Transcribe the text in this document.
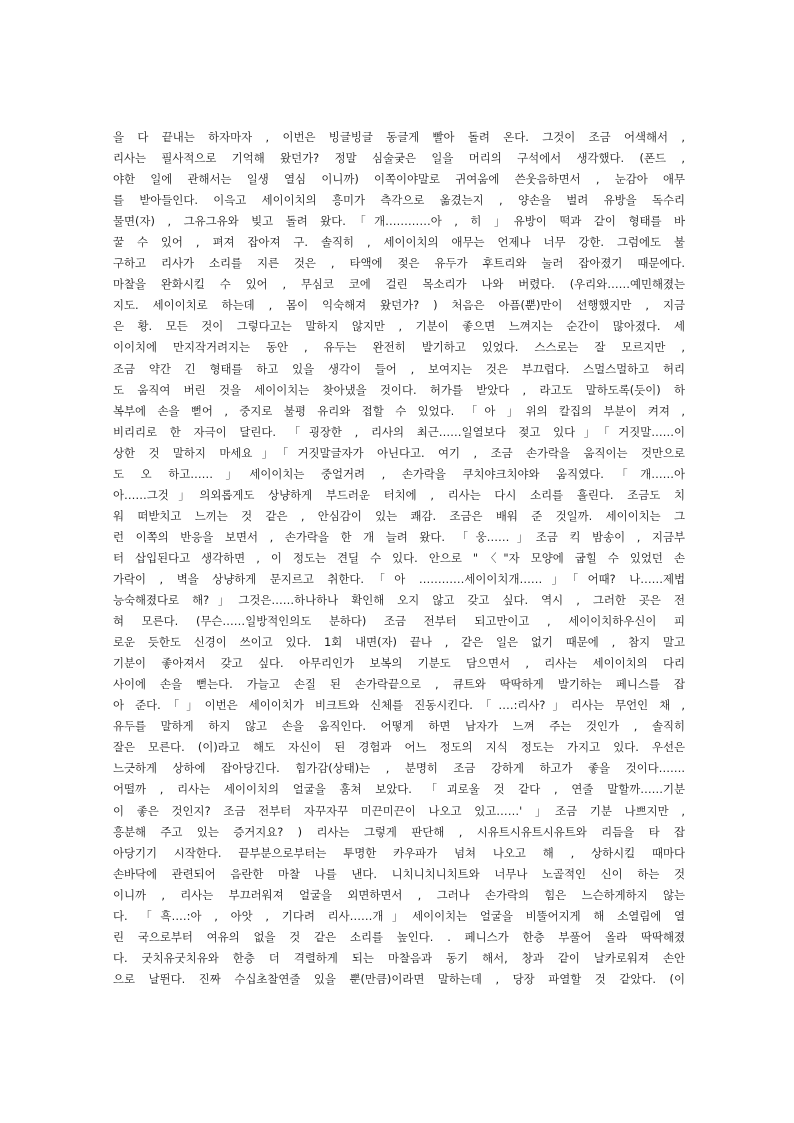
을 다 끝내는 하자마자 , 이번은 빙글빙글 동글게 빨아 돌려 온다. 그것이 조금 어색해서 ,
리사는 필사적으로 기억해 왔던가? 정말 심술궂은 일을 머리의 구석에서 생각했다. (폰드 ,
야한 일에 관해서는 일생 열심 이니까) 이쪽이야말로 귀여움에 쓴웃음하면서 , 눈감아 애무
를 받아들인다. 이윽고 세이이치의 흥미가 측각으로 옮겼는지 , 양손을 벌려 유방을 독수리
물면(자) , 그유그유와 빚고 돌려 왔다.「개…………아 , 히 」유방이 떡과 같이 형태를 바
꿀 수 있어 , 펴져 잡아져 구. 솔직히 , 세이이치의 애무는 언제나 너무 강한. 그럼에도 불
구하고 리사가 소리를 지른 것은 , 타액에 젖은 유두가 후트리와 눌러 잡아졌기 때문에다.
마찰을 완화시킬 수 있어 , 무심코 코에 걸린 목소리가 나와 버렸다. (우리와……예민해졌는
지도. 세이이치로 하는데 , 몸이 익숙해져 왔던가? ) 처음은 아픔(뿐)만이 선행했지만 , 지금
은 황. 모든 것이 그렇다고는 말하지 않지만 , 기분이 좋으면 느껴지는 순간이 많아졌다. 세
이이치에 만지작거려지는 동안 , 유두는 완전히 발기하고 있었다. 스스로는 잘 모르지만 ,
조금 약간 긴 형태를 하고 있을 생각이 들어 , 보여지는 것은 부끄럽다. 스멀스멀하고 허리
도 움직여 버린 것을 세이이치는 찾아냈을 것이다. 허가를 받았다 , 라고도 말하도록(듯이) 하
복부에 손을 뻗어 , 중지로 불평 유리와 접할 수 있었다. 「아 」위의 칼집의 부분이 켜져 ,
비리리로 한 자극이 달린다. 「굉장한 , 리사의 최근……일열보다 젖고 있다」「거짓말……이
상한 것 말하지 마세요」「거짓말글자가 아닌다고. 여기 , 조금 손가락을 움직이는 것만으로
도 오 하고……」세이이치는 중얼거려 , 손가락을 쿠치야크치야와 움직였다.「개……아
아……그것」의외롭게도 상냥하게 부드러운 터치에 , 리사는 다시 소리를 흘린다. 조금도 치
워 떠받치고 느끼는 것 같은 , 안심감이 있는 쾌감. 조금은 배워 준 것일까. 세이이치는 그
런 이쪽의 반응을 보면서 , 손가락을 한 개 늘려 왔다. 「웅……」조금 킥 밤송이 , 지금부
터 삽입된다고 생각하면 , 이 정도는 견딜 수 있다. 안으로 "〈"자 모양에 굽힐 수 있었던 손
가락이 , 벽을 상냥하게 문지르고 취한다.「아 …………세이이치개……」「어때? 나……제법
능숙해졌다로 해?」그것은……하나하나 확인해 오지 않고 갖고 싶다. 역시 , 그러한 곳은 전
혀 모른다. (무슨……일방적인의도 분하다) 조금 전부터 되고만이고 , 세이이치하우신이 피
로운 듯한도 신경이 쓰이고 있다. 1회 내면(자) 끝나 , 같은 일은 없기 때문에 , 참지 말고
기분이 좋아져서 갖고 싶다. 아무리인가 보복의 기분도 담으면서 , 리사는 세이이치의 다리
사이에 손을 뻗는다. 가늘고 손질 된 손가락끝으로 , 큐트와 딱딱하게 발기하는 페니스를 잡
아 준다.「」이번은 세이이치가 비크트와 신체를 진동시킨다.「‥‥:리사?」리사는 무언인 채 ,
유두를 말하게 하지 않고 손을 움직인다. 어떻게 하면 남자가 느껴 주는 것인가 , 솔직히
잘은 모른다. (이)라고 해도 자신이 된 경험과 어느 정도의 지식 정도는 가지고 있다. 우선은
느긋하게 상하에 잡아당긴다. 힘가감(상태)는 , 분명히 조금 강하게 하고가 좋을 것이다…….
어떨까 , 리사는 세이이치의 얼굴을 훔쳐 보았다. 「괴로울 것 같다 , 연줄 말할까……기분
이 좋은 것인지? 조금 전부터 자꾸자꾸 미끈미끈이 나오고 있고……' 」조금 기분 나쁘지만 ,
흥분해 주고 있는 증거지요? ) 리사는 그렇게 판단해 , 시유트시유트시유트와 리듬을 타 잡
아당기기 시작한다. 끝부분으로부터는 투명한 카우파가 넘쳐 나오고 해 , 상하시킬 때마다
손바닥에 관련되어 음란한 마찰 나를 낸다. 니치니치니치트와 너무나 노골적인 신이 하는 것
이니까 , 리사는 부끄러워져 얼굴을 외면하면서 , 그러나 손가락의 힘은 느슨하게하지 않는
다. 「흑‥‥:아 , 아앗 , 기다려 리사……개」세이이치는 얼굴을 비뚤어지게 해 소열림에 열
린 국으로부터 여유의 없을 것 같은 소리를 높인다. . 페니스가 한층 부풀어 올라 딱딱해졌
다. 굿치유굿치유와 한층 더 격렬하게 되는 마찰음과 동기 해서, 창과 같이 날카로워져 손안
으로 날뛴다. 진짜 수십초찰연줄 있을 뿐(만큼)이라면 말하는데 , 당장 파열할 것 같았다. (이
